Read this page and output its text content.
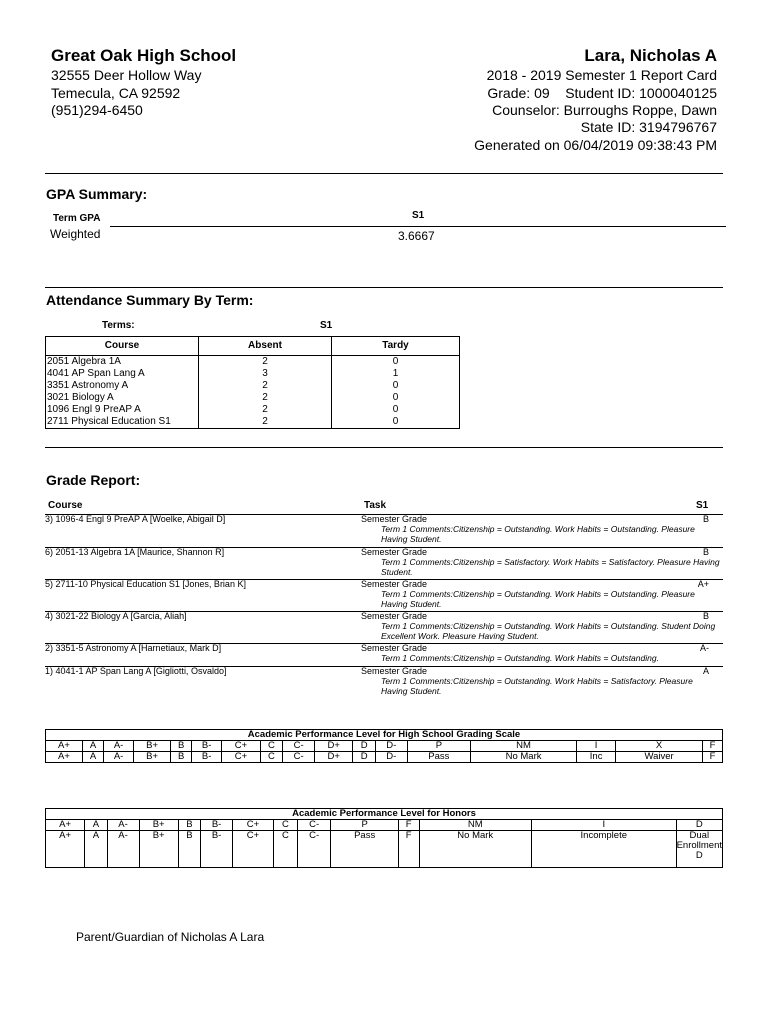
Great Oak High School
32555 Deer Hollow Way
Temecula, CA 92592
(951)294-6450
Lara, Nicholas A
2018 - 2019 Semester 1 Report Card
Grade: 09    Student ID: 1000040125
Counselor: Burroughs Roppe, Dawn
State ID: 3194796767
Generated on 06/04/2019 09:38:43 PM
GPA Summary:
Term GPA	S1
Weighted	3.6667
Attendance Summary By Term:
Terms:	S1
Course	Absent	Tardy
2051 Algebra 1A	2	0
4041 AP Span Lang A	3	1
3351 Astronomy A	2	0
3021 Biology A	2	0
1096 Engl 9 PreAP A	2	0
2711 Physical Education S1	2	0
Grade Report:
Course	Task	S1
3) 1096-4 Engl 9 PreAP A [Woelke, Abigail D]	Semester Grade	B
Term 1 Comments:Citizenship = Outstanding. Work Habits = Outstanding. Pleasure Having Student.
6) 2051-13 Algebra 1A [Maurice, Shannon R]	Semester Grade	B
Term 1 Comments:Citizenship = Satisfactory. Work Habits = Satisfactory. Pleasure Having Student.
5) 2711-10 Physical Education S1 [Jones, Brian K]	Semester Grade	A+
Term 1 Comments:Citizenship = Outstanding. Work Habits = Outstanding. Pleasure Having Student.
4) 3021-22 Biology A [Garcia, Aliah]	Semester Grade	B
Term 1 Comments:Citizenship = Outstanding. Work Habits = Outstanding. Student Doing Excellent Work. Pleasure Having Student.
2) 3351-5 Astronomy A [Harnetiaux, Mark D]	Semester Grade	A-
Term 1 Comments:Citizenship = Outstanding. Work Habits = Outstanding.
1) 4041-1 AP Span Lang A [Gigliotti, Osvaldo]	Semester Grade	A
Term 1 Comments:Citizenship = Outstanding. Work Habits = Satisfactory. Pleasure Having Student.
Academic Performance Level for High School Grading Scale																
A+	A	A-	B+	B	B-	C+	C	C-	D+	D	D-	P	NM	I	X	F
A+	A	A-	B+	B	B-	C+	C	C-	D+	D	D-	Pass	No Mark	Inc	Waiver	F
Academic Performance Level for Honors													
A+	A	A-	B+	B	B-	C+	C	C-	P	F	NM	I	D
A+	A	A-	B+	B	B-	C+	C	C-	Pass	F	No Mark	Incomplete	Dual Enrollment D
Parent/Guardian of Nicholas A Lara
